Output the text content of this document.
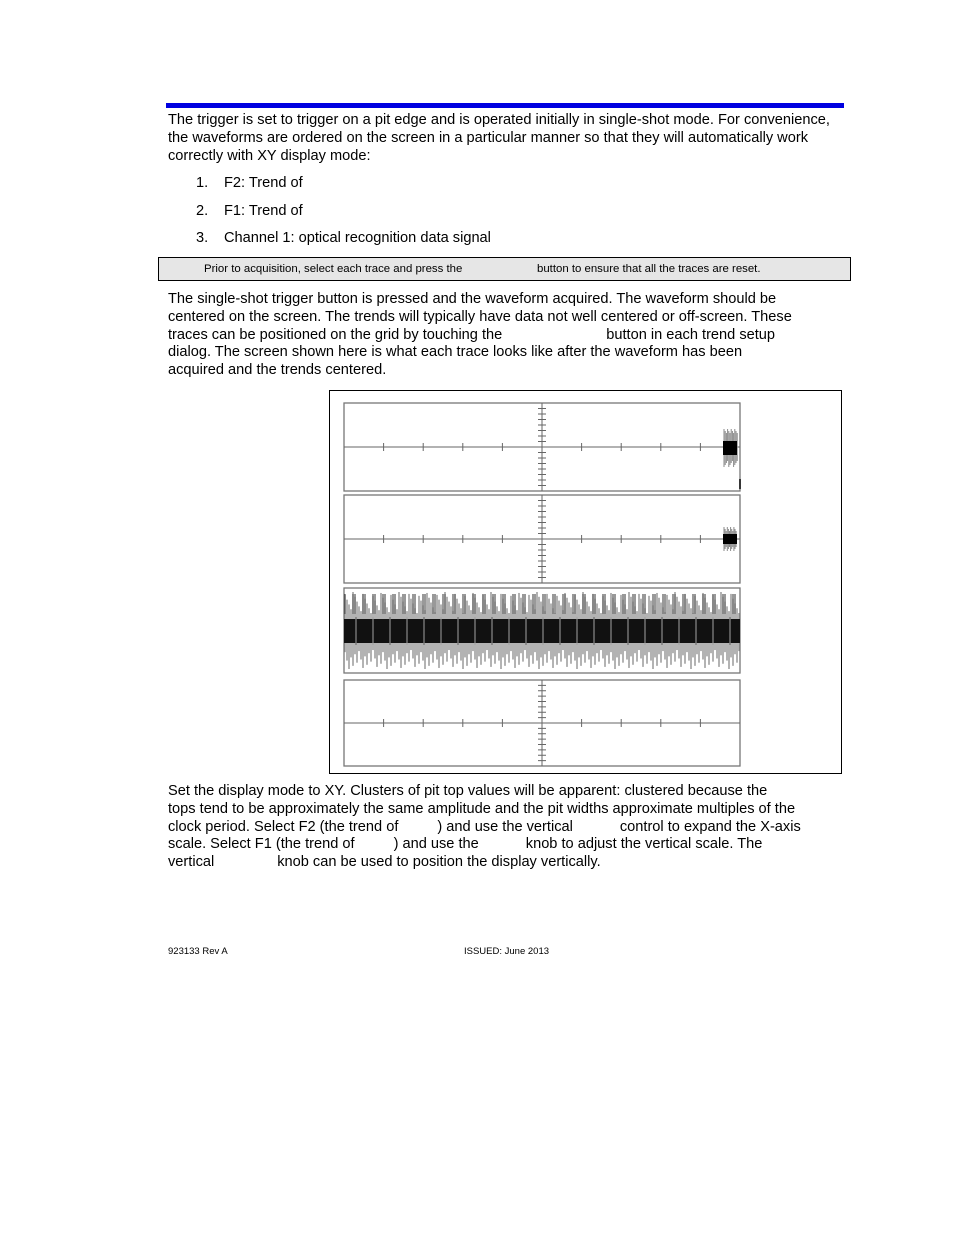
The trigger is set to trigger on a pit edge and is operated initially in single-shot mode. For convenience, the waveforms are ordered on the screen in a particular manner so that they will automatically work correctly with XY display mode:

1. F2: Trend of
2. F1: Trend of
3. Channel 1: optical recognition data signal
Prior to acquisition, select each trace and press the	button to ensure that all the traces are reset.
The single-shot trigger button is pressed and the waveform acquired. The waveform should be
centered on the screen. The trends will typically have data not well centered or off-screen. These
traces can be positioned on the grid by touching the	button in each trend setup
dialog. The screen shown here is what each trace looks like after the waveform has been
acquired and the trends centered.
Set the display mode to XY. Clusters of pit top values will be apparent: clustered because the
tops tend to be approximately the same amplitude and the pit widths approximate multiples of the
clock period. Select F2 (the trend of	) and use the vertical	control to expand the X-axis
scale. Select F1 (the trend of	) and use the	knob to adjust the vertical scale. The
vertical	knob can be used to position the display vertically.
923133 Rev A	ISSUED: June 2013
